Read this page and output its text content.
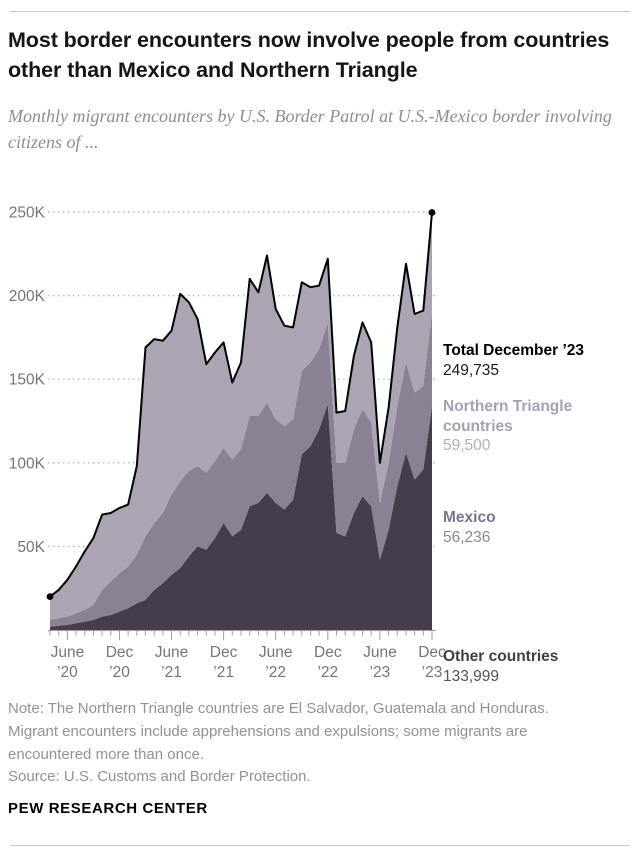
Most border encounters now involve people from countries other than Mexico and Northern Triangle
Monthly migrant encounters by U.S. Border Patrol at U.S.-Mexico border involving citizens of ...
50K
100K
150K
200K
250K
June ’20
Dec ’20
June ’21
Dec ’21
June ’22
Dec ’22
June ’23
Dec ’23
Total December ’23
249,735
Northern Triangle countries
59,500
Mexico
56,236
Other countries
133,999
Note: The Northern Triangle countries are El Salvador, Guatemala and Honduras.
Migrant encounters include apprehensions and expulsions; some migrants are
encountered more than once.
Source: U.S. Customs and Border Protection.
PEW RESEARCH CENTER
